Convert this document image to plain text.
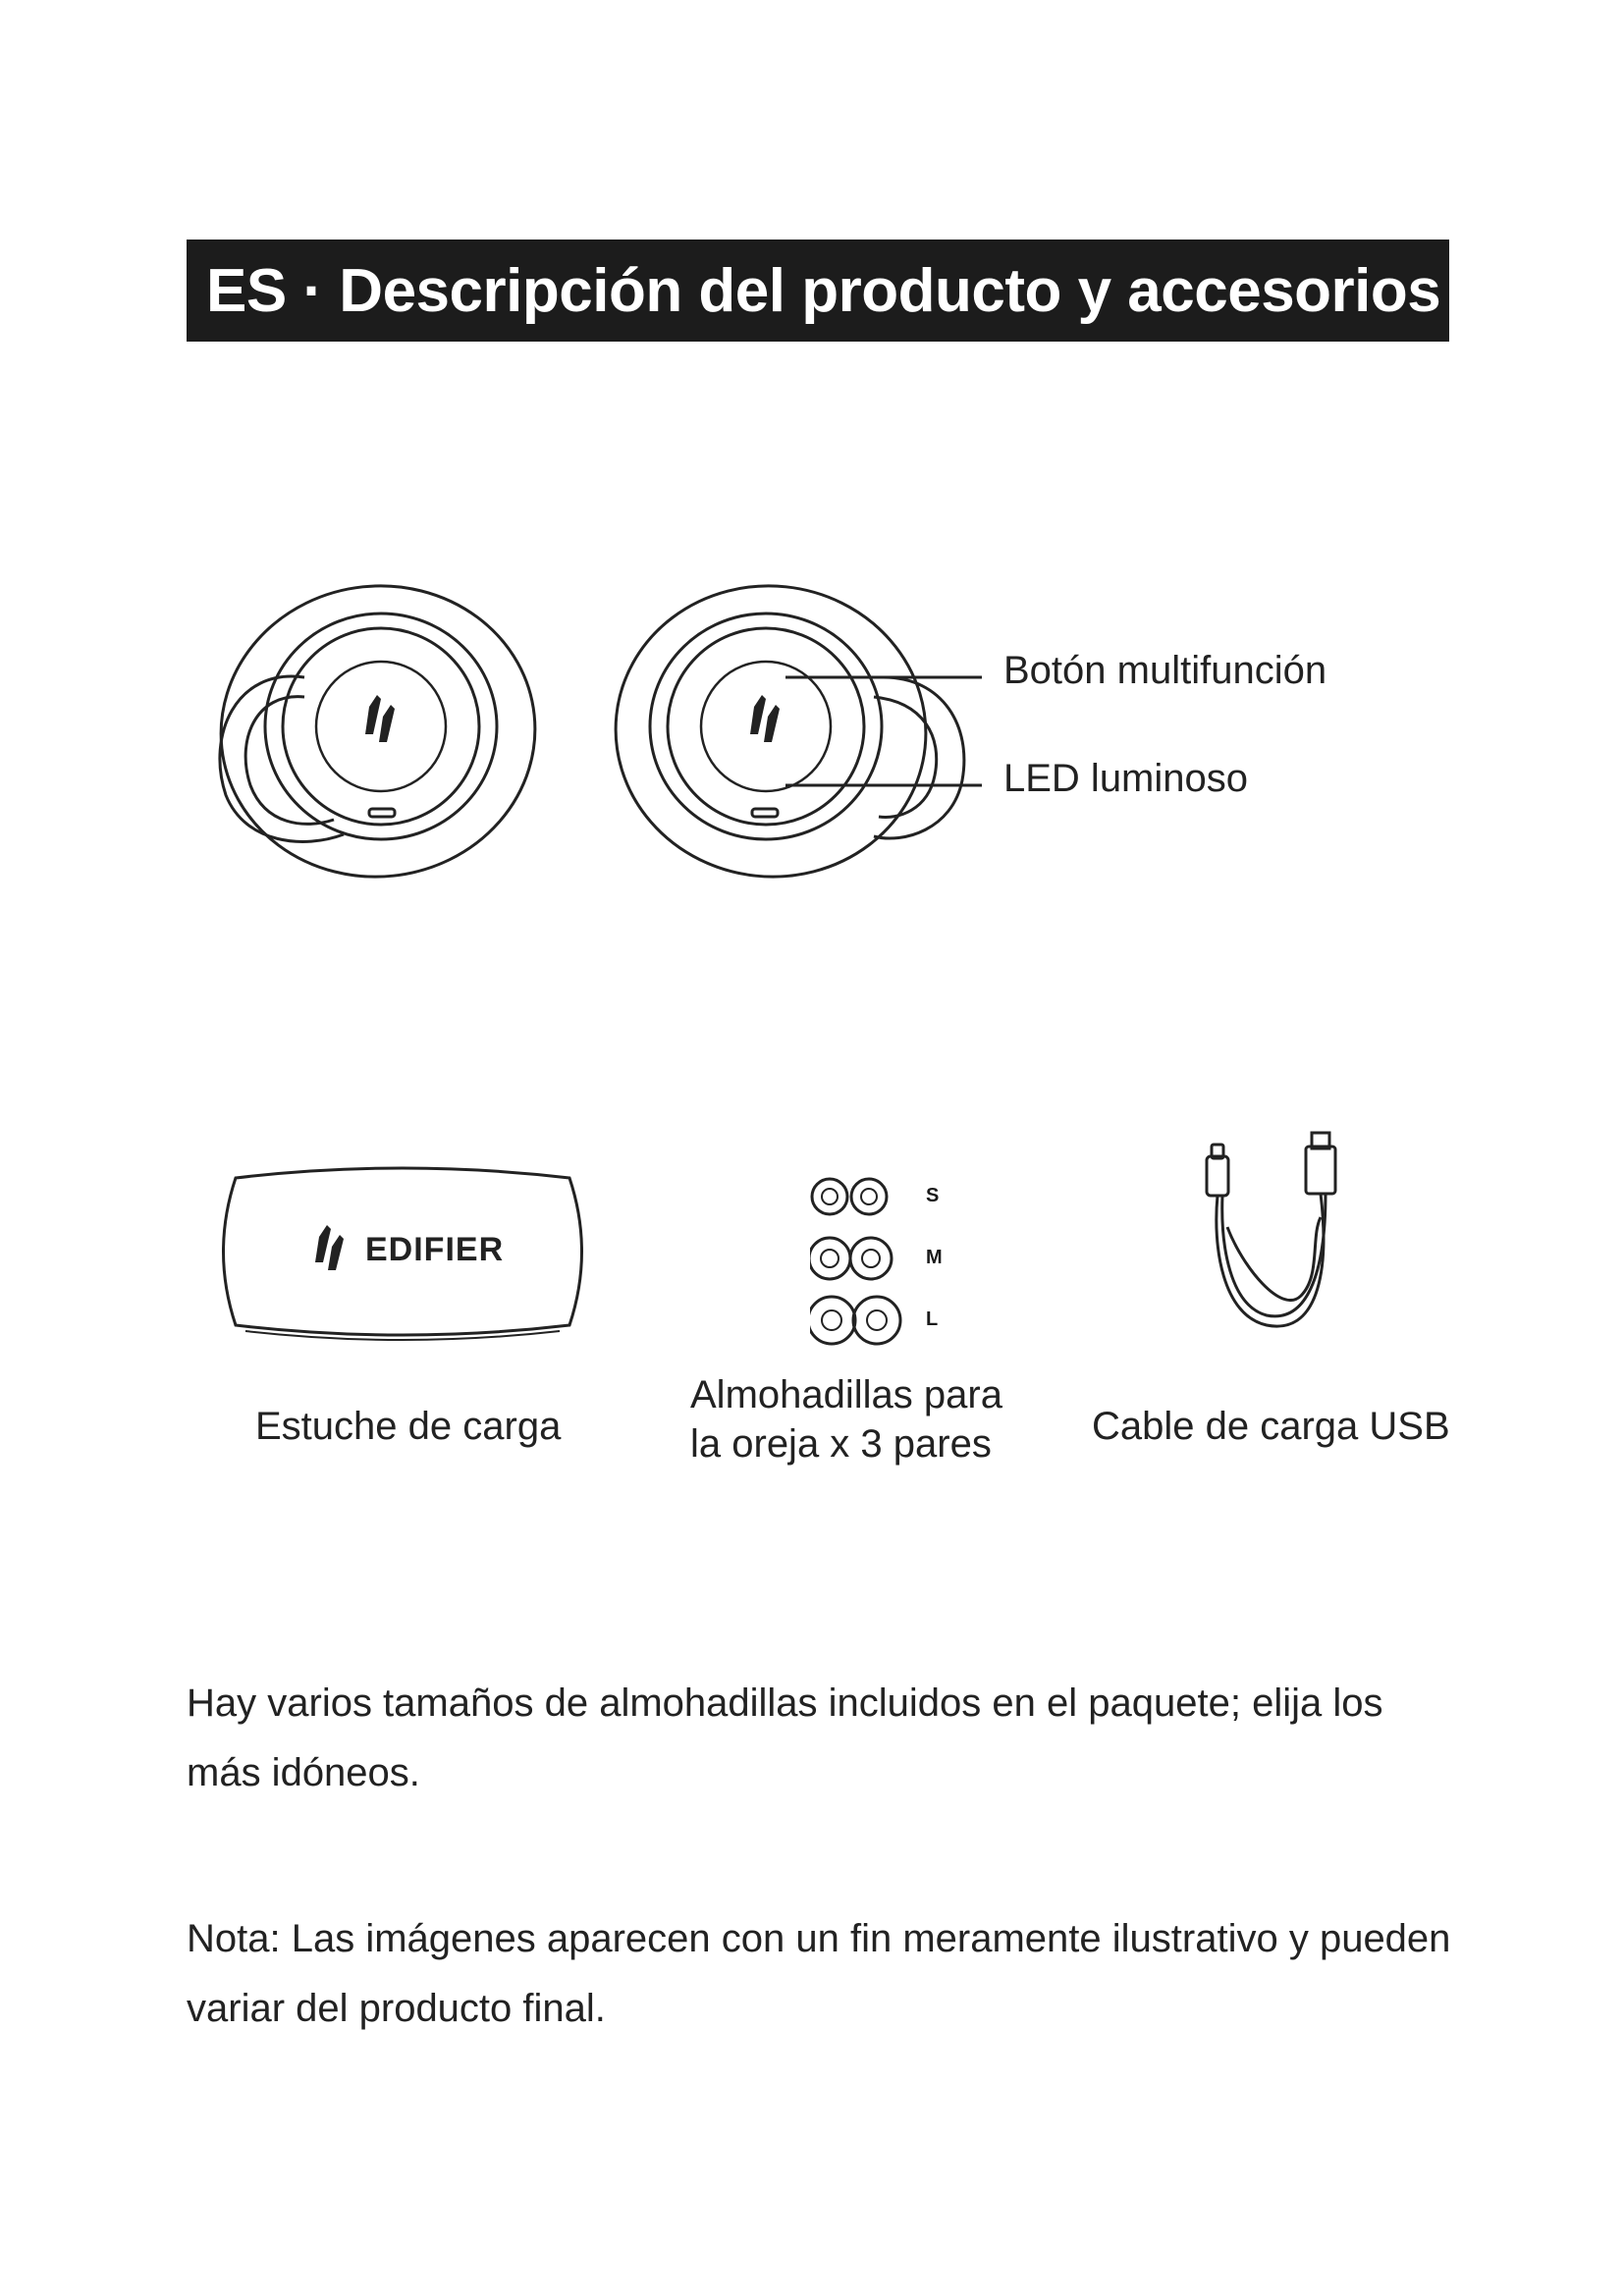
ES · Descripción del producto y accesorios
Botón multifunción
LED luminoso
EDIFIER
Estuche de carga
S
M
L
Almohadillas para
la oreja x 3 pares	Cable de carga USB
Hay varios tamaños de almohadillas incluidos en el paquete; elija los más idóneos.
Nota: Las imágenes aparecen con un fin meramente ilustrativo y pueden variar del producto final.
